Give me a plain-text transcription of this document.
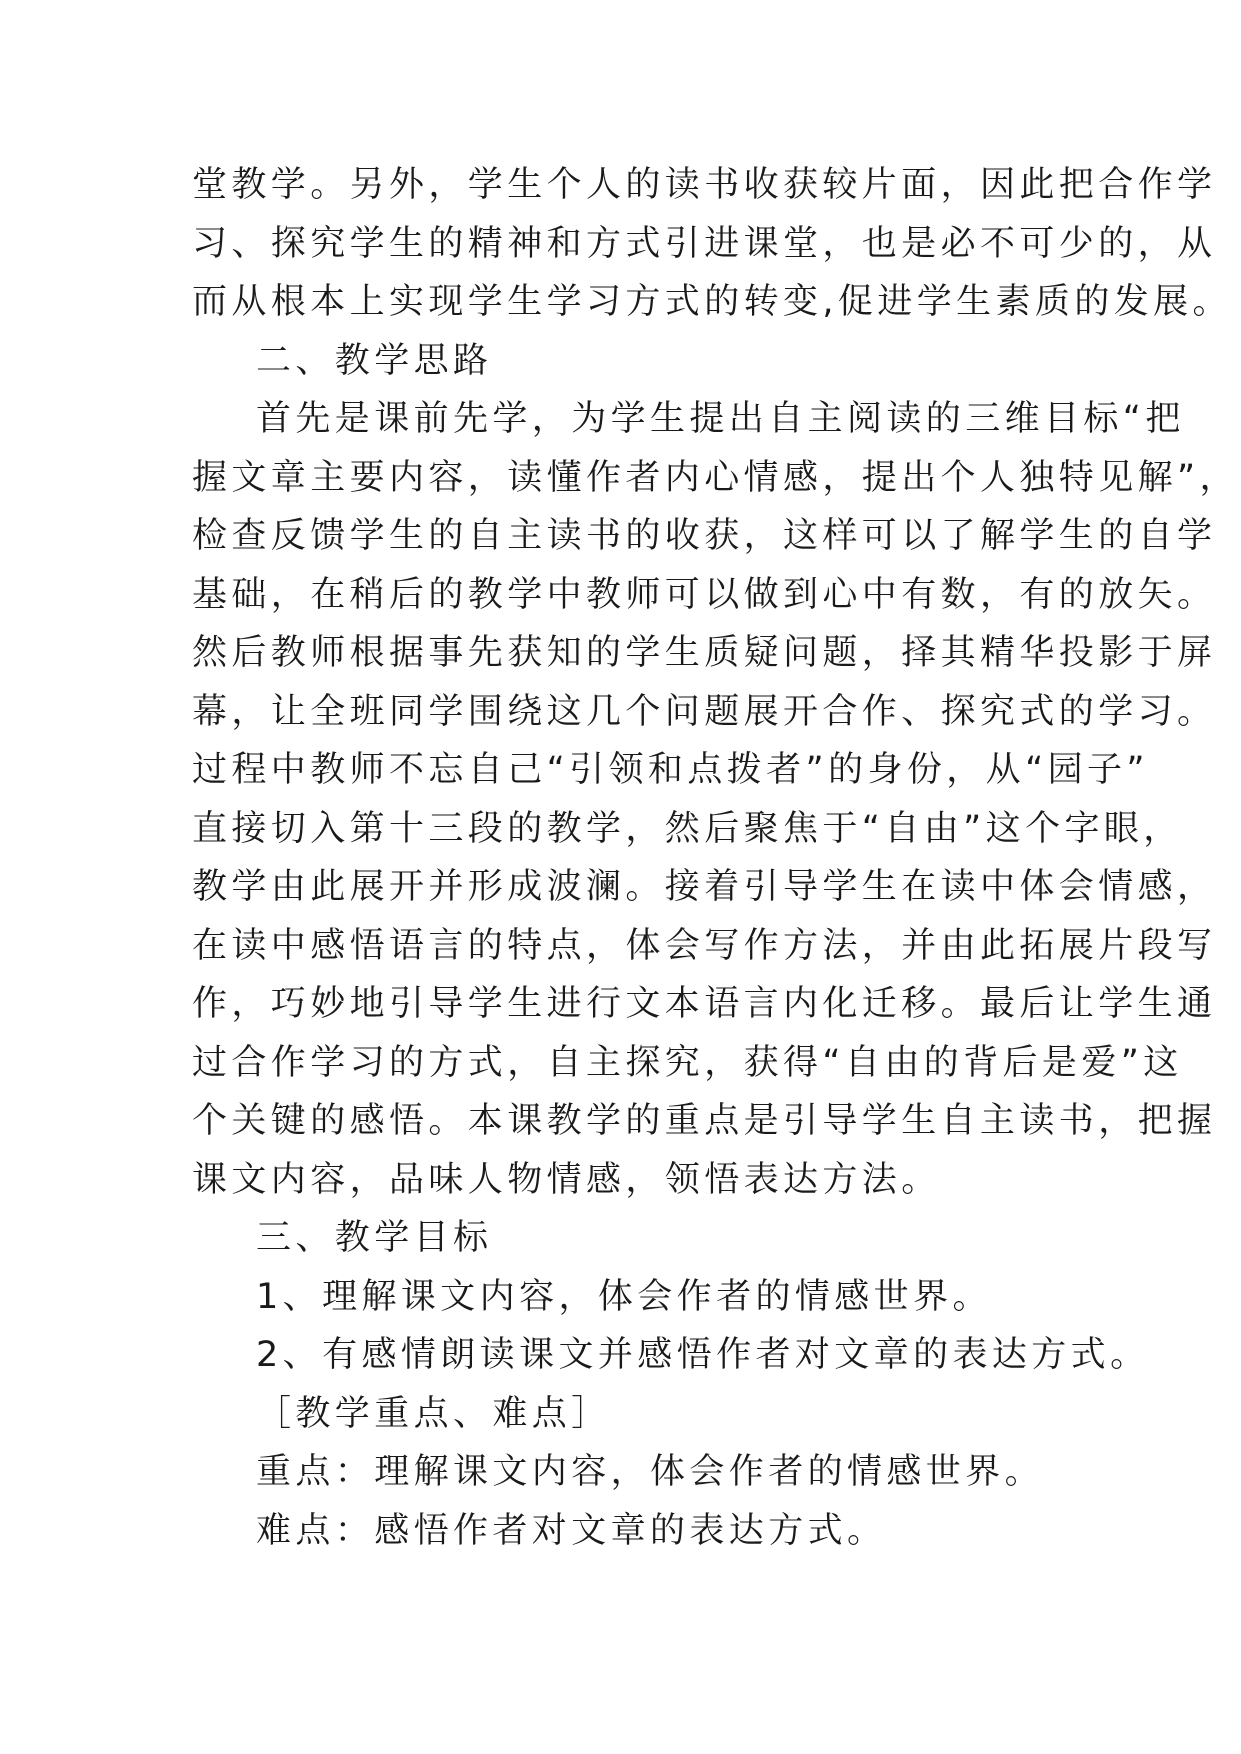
堂教学。另外，学生个人的读书收获较片面，因此把合作学
习、探究学生的精神和方式引进课堂，也是必不可少的，从
而从根本上实现学生学习方式的转变,促进学生素质的发展。
二、教学思路
首先是课前先学，为学生提出自主阅读的三维目标“把
握文章主要内容，读懂作者内心情感，提出个人独特见解”，
检查反馈学生的自主读书的收获，这样可以了解学生的自学
基础，在稍后的教学中教师可以做到心中有数，有的放矢。
然后教师根据事先获知的学生质疑问题，择其精华投影于屏
幕，让全班同学围绕这几个问题展开合作、探究式的学习。
过程中教师不忘自己“引领和点拨者”的身份，从“园子”
直接切入第十三段的教学，然后聚焦于“自由”这个字眼，
教学由此展开并形成波澜。接着引导学生在读中体会情感，
在读中感悟语言的特点，体会写作方法，并由此拓展片段写
作，巧妙地引导学生进行文本语言内化迁移。最后让学生通
过合作学习的方式，自主探究，获得“自由的背后是爱”这
个关键的感悟。本课教学的重点是引导学生自主读书，把握
课文内容，品味人物情感，领悟表达方法。
三、教学目标
1、理解课文内容，体会作者的情感世界。
2、有感情朗读课文并感悟作者对文章的表达方式。
［教学重点、难点］
重点：理解课文内容，体会作者的情感世界。
难点：感悟作者对文章的表达方式。
